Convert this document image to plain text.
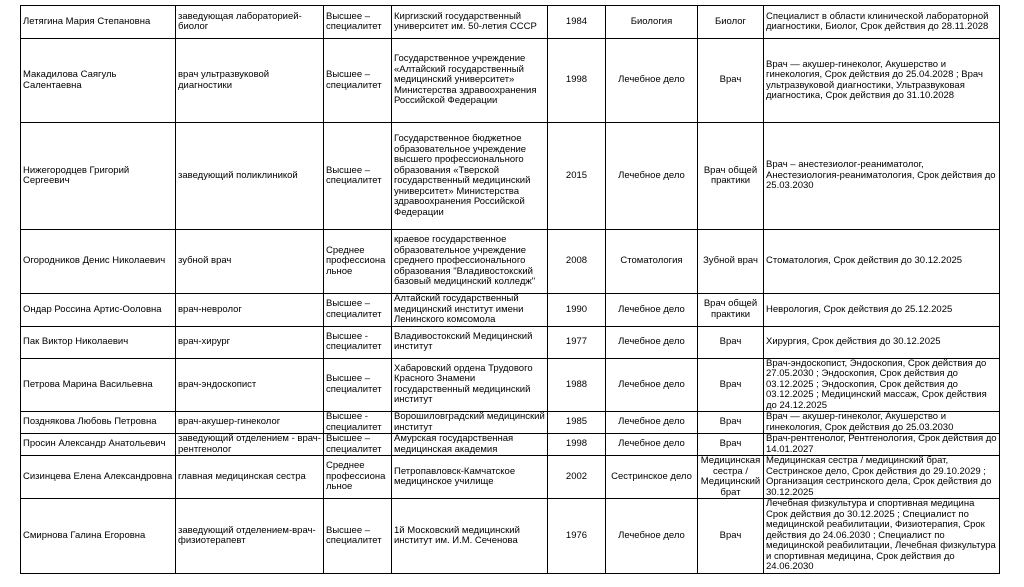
Летягина Мария Степановна	заведующая лабораторией-биолог	Высшее – специалитет	Киргизский государственный университет им. 50-летия СССР	1984	Биология	Биолог	Специалист в области клинической лабораторной диагностики, Биолог, Срок действия до 28.11.2028
Макадилова Саягуль Салентаевна	врач ультразвуковой диагностики	Высшее – специалитет	Государственное учреждение «Алтайский государственный медицинский университет» Министерства здравоохранения Российской Федерации	1998	Лечебное дело	Врач	Врач — акушер-гинеколог, Акушерство и гинекология, Срок действия до 25.04.2028 ; Врач ультразвуковой диагностики, Ультразвуковая диагностика, Срок действия до 31.10.2028
Нижегородцев Григорий Сергеевич	заведующий поликлиникой	Высшее – специалитет	Государственное бюджетное образовательное учреждение высшего профессионального образования «Тверской государственный медицинский университет» Министерства здравоохранения Российской Федерации	2015	Лечебное дело	Врач общей практики	Врач – анестезиолог-реаниматолог, Анестезиология-реаниматология, Срок действия до 25.03.2030
Огородников Денис Николаевич	зубной врач	Среднее профессиональное	краевое государственное образовательное учреждение среднего профессионального образования "Владивостокский базовый медицинский колледж"	2008	Стоматология	Зубной врач	Стоматология, Срок действия до 30.12.2025
Ондар Россина Артис-Ооловна	врач-невролог	Высшее – специалитет	Алтайский государственный медицинский институт имени Ленинского комсомола	1990	Лечебное дело	Врач общей практики	Неврология, Срок действия до 25.12.2025
Пак Виктор Николаевич	врач-хирург	Высшее - специалитет	Владивостокский Медицинский институт	1977	Лечебное дело	Врач	Хирургия, Срок действия до 30.12.2025
Петрова Марина Васильевна	врач-эндоскопист	Высшее – специалитет	Хабаровский ордена Трудового Красного Знамени государственный медицинский институт	1988	Лечебное дело	Врач	Врач-эндоскопист, Эндоскопия, Срок действия до 27.05.2030 ; Эндоскопия, Срок действия до 03.12.2025 ; Эндоскопия, Срок действия до 03.12.2025 ; Медицинский массаж, Срок действия до 24.12.2025
Позднякова Любовь Петровна	врач-акушер-гинеколог	Высшее - специалитет	Ворошиловградский медицинский институт	1985	Лечебное дело	Врач	Врач — акушер-гинеколог, Акушерство и гинекология, Срок действия до 25.03.2030
Просин Александр Анатольевич	заведующий отделением - врач-рентгенолог	Высшее – специалитет	Амурская государственная медицинская академия	1998	Лечебное дело	Врач	Врач-рентгенолог, Рентгенология, Срок действия до 14.01.2027
Сизинцева Елена Александровна	главная медицинская сестра	Среднее профессиональное	Петропавловск-Камчатское медицинское училище	2002	Сестринское дело	Медицинская сестра / Медицинский брат	Медицинская сестра / медицинский брат, Сестринское дело, Срок действия до 29.10.2029 ; Организация сестринского дела, Срок действия до 30.12.2025
Смирнова Галина Егоровна	заведующий отделением-врач-физиотерапевт	Высшее – специалитет	1й Московский медицинский институт им. И.М. Сеченова	1976	Лечебное дело	Врач	Лечебная физкультура и спортивная медицина Срок действия до 30.12.2025 ; Специалист по медицинской реабилитации, Физиотерапия, Срок действия до 24.06.2030 ; Специалист по медицинской реабилитации, Лечебная физкультура и спортивная медицина, Срок действия до 24.06.2030
